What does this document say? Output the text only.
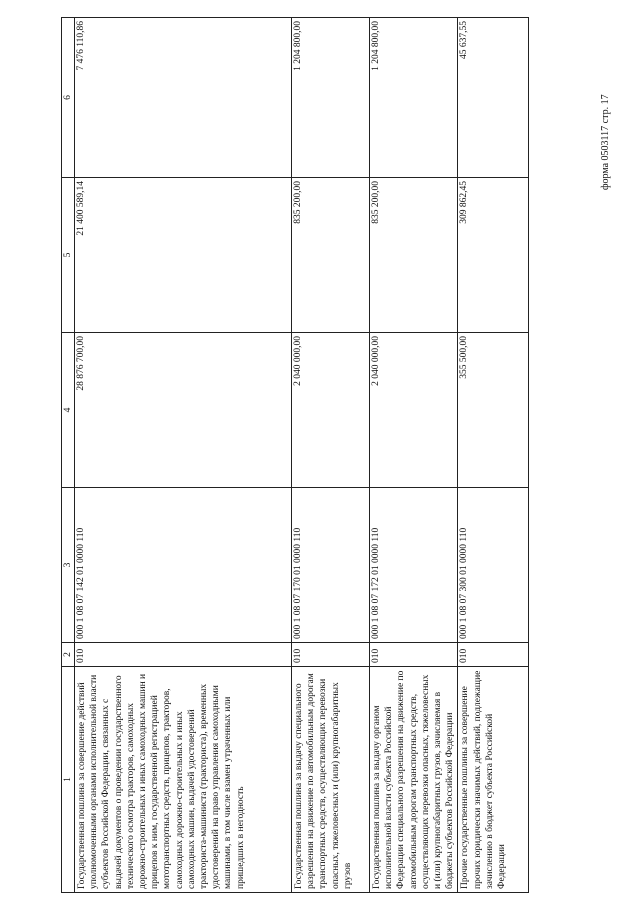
форма 0503117 стр. 17
1	2	3	4	5	6
Государственная пошлина за совершение действий уполномоченными органами исполнительной власти субъектов Российской Федерации, связанных с выдачей документов о проведении государственного технического осмотра тракторов, самоходных дорожно-строительных и иных самоходных машин и прицепов к ним, государственной регистрацией мототранспортных средств, прицепов, тракторов, самоходных дорожно-строительных и иных самоходных машин, выдачей удостоверений тракториста-машиниста (тракториста), временных удостоверений на право управления самоходными машинами, в том числе взамен утраченных или пришедших в негодность	010	000 1 08 07 142 01 0000 110	28 876 700,00	21 400 589,14	7 476 110,86
Государственная пошлина за выдачу специального разрешения на движение по автомобильным дорогам транспортных средств, осуществляющих перевозки опасных, тяжеловесных и (или) крупногабаритных грузов	010	000 1 08 07 170 01 0000 110	2 040 000,00	835 200,00	1 204 800,00
Государственная пошлина за выдачу органом исполнительной власти субъекта Российской Федерации специального разрешения на движение по автомобильным дорогам транспортных средств, осуществляющих перевозки опасных, тяжеловесных и (или) крупногабаритных грузов, зачисляемая в бюджеты субъектов Российской Федерации	010	000 1 08 07 172 01 0000 110	2 040 000,00	835 200,00	1 204 800,00
Прочие государственные пошлины за совершение прочих юридически значимых действий, подлежащие зачислению в бюджет субъекта Российской Федерации	010	000 1 08 07 300 01 0000 110	355 500,00	309 862,45	45 637,55
